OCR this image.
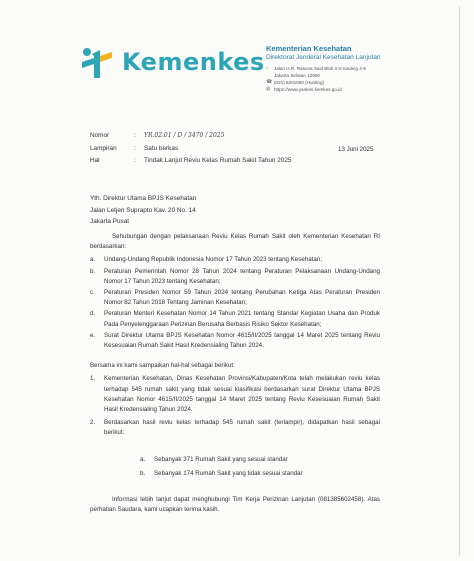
Kemenkes Kementerian Kesehatan
Direktorat Jenderal Kesehatan Lanjutan
⌂	Jalan H.R. Rasuna Said Blok X-5 Kavling 4-9
Jakarta Selatan 12950
☎ (021) 5201590 (Hunting)
◍ https://www.yankes.kemkes.go.id
Nomor	:	YR.02.01 / D / 3470 / 2025
Lampiran	:	Satu berkas
Hal	:	Tindak Lanjut Reviu Kelas Rumah Sakit Tahun 2025
13 Juni 2025
Yth. Direktur Utama BPJS Kesehatan
Jalan Letjen Suprapto Kav. 20 No. 14
Jakarta Pusat
Sehubungan dengan pelaksanaan Reviu Kelas Rumah Sakit oleh Kementerian Kesehatan RI berdasarkan:
a.	Undang-Undang Republik Indonesia Nomor 17 Tahun 2023 tentang Kesehatan;
b.	Peraturan Pemerintah Nomor 28 Tahun 2024 tentang Peraturan Pelaksanaan Undang-Undang Nomor 17 Tahun 2023 tentang Kesehatan;
c.	Peraturan Presiden Nomor 59 Tahun 2024 tentang Perubahan Ketiga Atas Peraturan Presiden Nomor 82 Tahun 2018 Tentang Jaminan Kesehatan;
d.	Peraturan Menteri Kesehatan Nomor 14 Tahun 2021 tentang Standar Kegiatan Usaha dan Produk Pada Penyelenggaraan Perizinan Berusaha Berbasis Risiko Sektor Kesehatan;
e.	Surat Direktur Utama BPJS Kesehatan Nomor 4615/II/2025 tanggal 14 Maret 2025 tentang Reviu Kesesuaian Rumah Sakit Hasil Kredensialing Tahun 2024.
Bersama ini kami sampaikan hal-hal sebagai berikut:
1.	Kementerian Kesehatan, Dinas Kesehatan Provinsi/Kabupaten/Kota telah melakukan reviu kelas terhadap 545 rumah sakit yang tidak sesuai klasifikasi berdasarkan surat Direktur Utama BPJS Kesehatan Nomor 4615/II/2025 tanggal 14 Maret 2025 tentang Reviu Kesesuaian Rumah Sakit Hasil Kredensialing Tahun 2024.
2.	Berdasarkan hasil reviu kelas terhadap 545 rumah sakit (terlampir), didapatkan hasil sebagai berikut:
a.	Sebanyak 371 Rumah Sakit yang sesuai standar
b.	Sebanyak 174 Rumah Sakit yang tidak sesuai standar
Informasi lebih lanjut dapat menghubungi Tim Kerja Perizinan Lanjutan (081385602458). Atas perhatian Saudara, kami ucapkan terima kasih.
